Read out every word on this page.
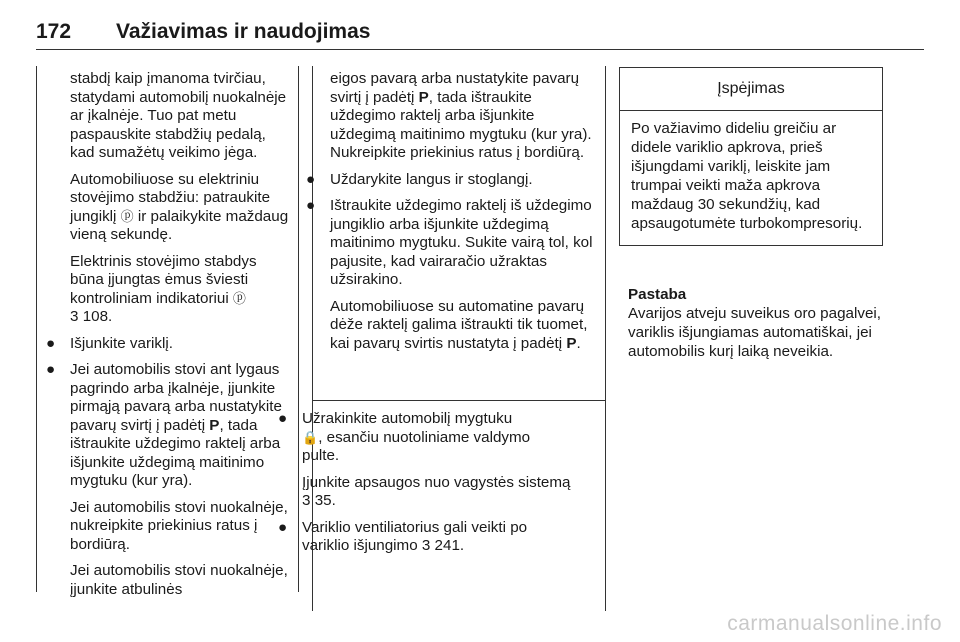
172 Važiavimas ir naudojimas

stabdį kaip įmanoma tvirčiau, statydami automobilį nuokalnėje ar įkalnėje. Tuo pat metu paspauskite stabdžių pedalą, kad sumažėtų veikimo jėga.

Automobiliuose su elektriniu stovėjimo stabdžiu: patraukite jungiklį ⓟ ir palaikykite maždaug vieną sekundę.

Elektrinis stovėjimo stabdys būna įjungtas ėmus šviesti kontroliniam indikatoriui ⓟ
3 108.

● Išjunkite variklį.
● Jei automobilis stovi ant lygaus pagrindo arba įkalnėje, įjunkite pirmąją pavarą arba nustatykite pavarų svirtį į padėtį P, tada ištraukite uždegimo raktelį arba išjunkite uždegimą maitinimo mygtuku (kur yra).

Jei automobilis stovi nuokalnėje, nukreipkite priekinius ratus į bordiūrą.

Jei automobilis stovi nuokalnėje, įjunkite atbulinės

eigos pavarą arba nustatykite pavarų svirtį į padėtį P, tada ištraukite uždegimo raktelį arba išjunkite uždegimą maitinimo mygtuku (kur yra). Nukreipkite priekinius ratus į bordiūrą.

● Uždarykite langus ir stoglangį.
● Ištraukite uždegimo raktelį iš uždegimo jungiklio arba išjunkite uždegimą maitinimo mygtuku. Sukite vairą tol, kol pajusite, kad vairaračio užraktas užsirakino.

Automobiliuose su automatine pavarų dėže raktelį galima ištraukti tik tuomet, kai pavarų svirtis nustatyta į padėtį P.

● Užrakinkite automobilį mygtuku
🔒, esančiu nuotoliniame valdymo pulte.

Įjunkite apsaugos nuo vagystės sistemą 3 35.

● Variklio ventiliatorius gali veikti po variklio išjungimo 3 241.
Įspėjimas
Po važiavimo dideliu greičiu ar didele variklio apkrova, prieš išjungdami variklį, leiskite jam trumpai veikti maža apkrova maždaug 30 sekundžių, kad apsaugotumėte turbokompresorių.
Pastaba
Avarijos atveju suveikus oro pagalvei, variklis išjungiamas automatiškai, jei automobilis kurį laiką neveikia.
carmanualsonline.info
